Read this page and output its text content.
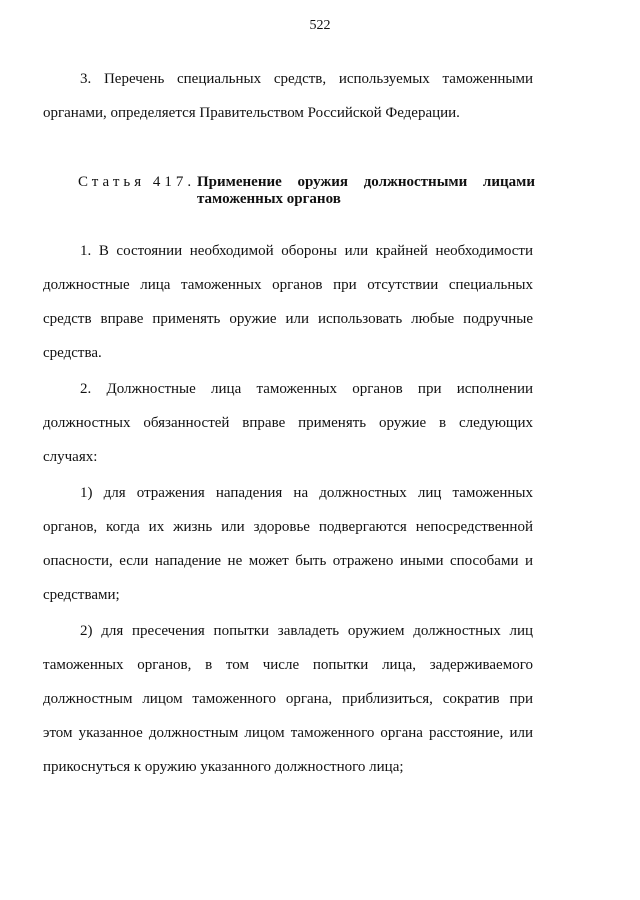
522
3. Перечень специальных средств, используемых таможенными
органами, определяется Правительством Российской Федерации.
Статья 417. Применение оружия должностными лицами
таможенных органов
1. В состоянии необходимой обороны или крайней необходимости
должностные лица таможенных органов при отсутствии специальных
средств вправе применять оружие или использовать любые подручные
средства.
2. Должностные лица таможенных органов при исполнении
должностных обязанностей вправе применять оружие в следующих
случаях:
1) для отражения нападения на должностных лиц таможенных
органов, когда их жизнь или здоровье подвергаются непосредственной
опасности, если нападение не может быть отражено иными способами и
средствами;
2) для пресечения попытки завладеть оружием должностных лиц
таможенных органов, в том числе попытки лица, задерживаемого
должностным лицом таможенного органа, приблизиться, сократив при
этом указанное должностным лицом таможенного органа расстояние, или
прикоснуться к оружию указанного должностного лица;
